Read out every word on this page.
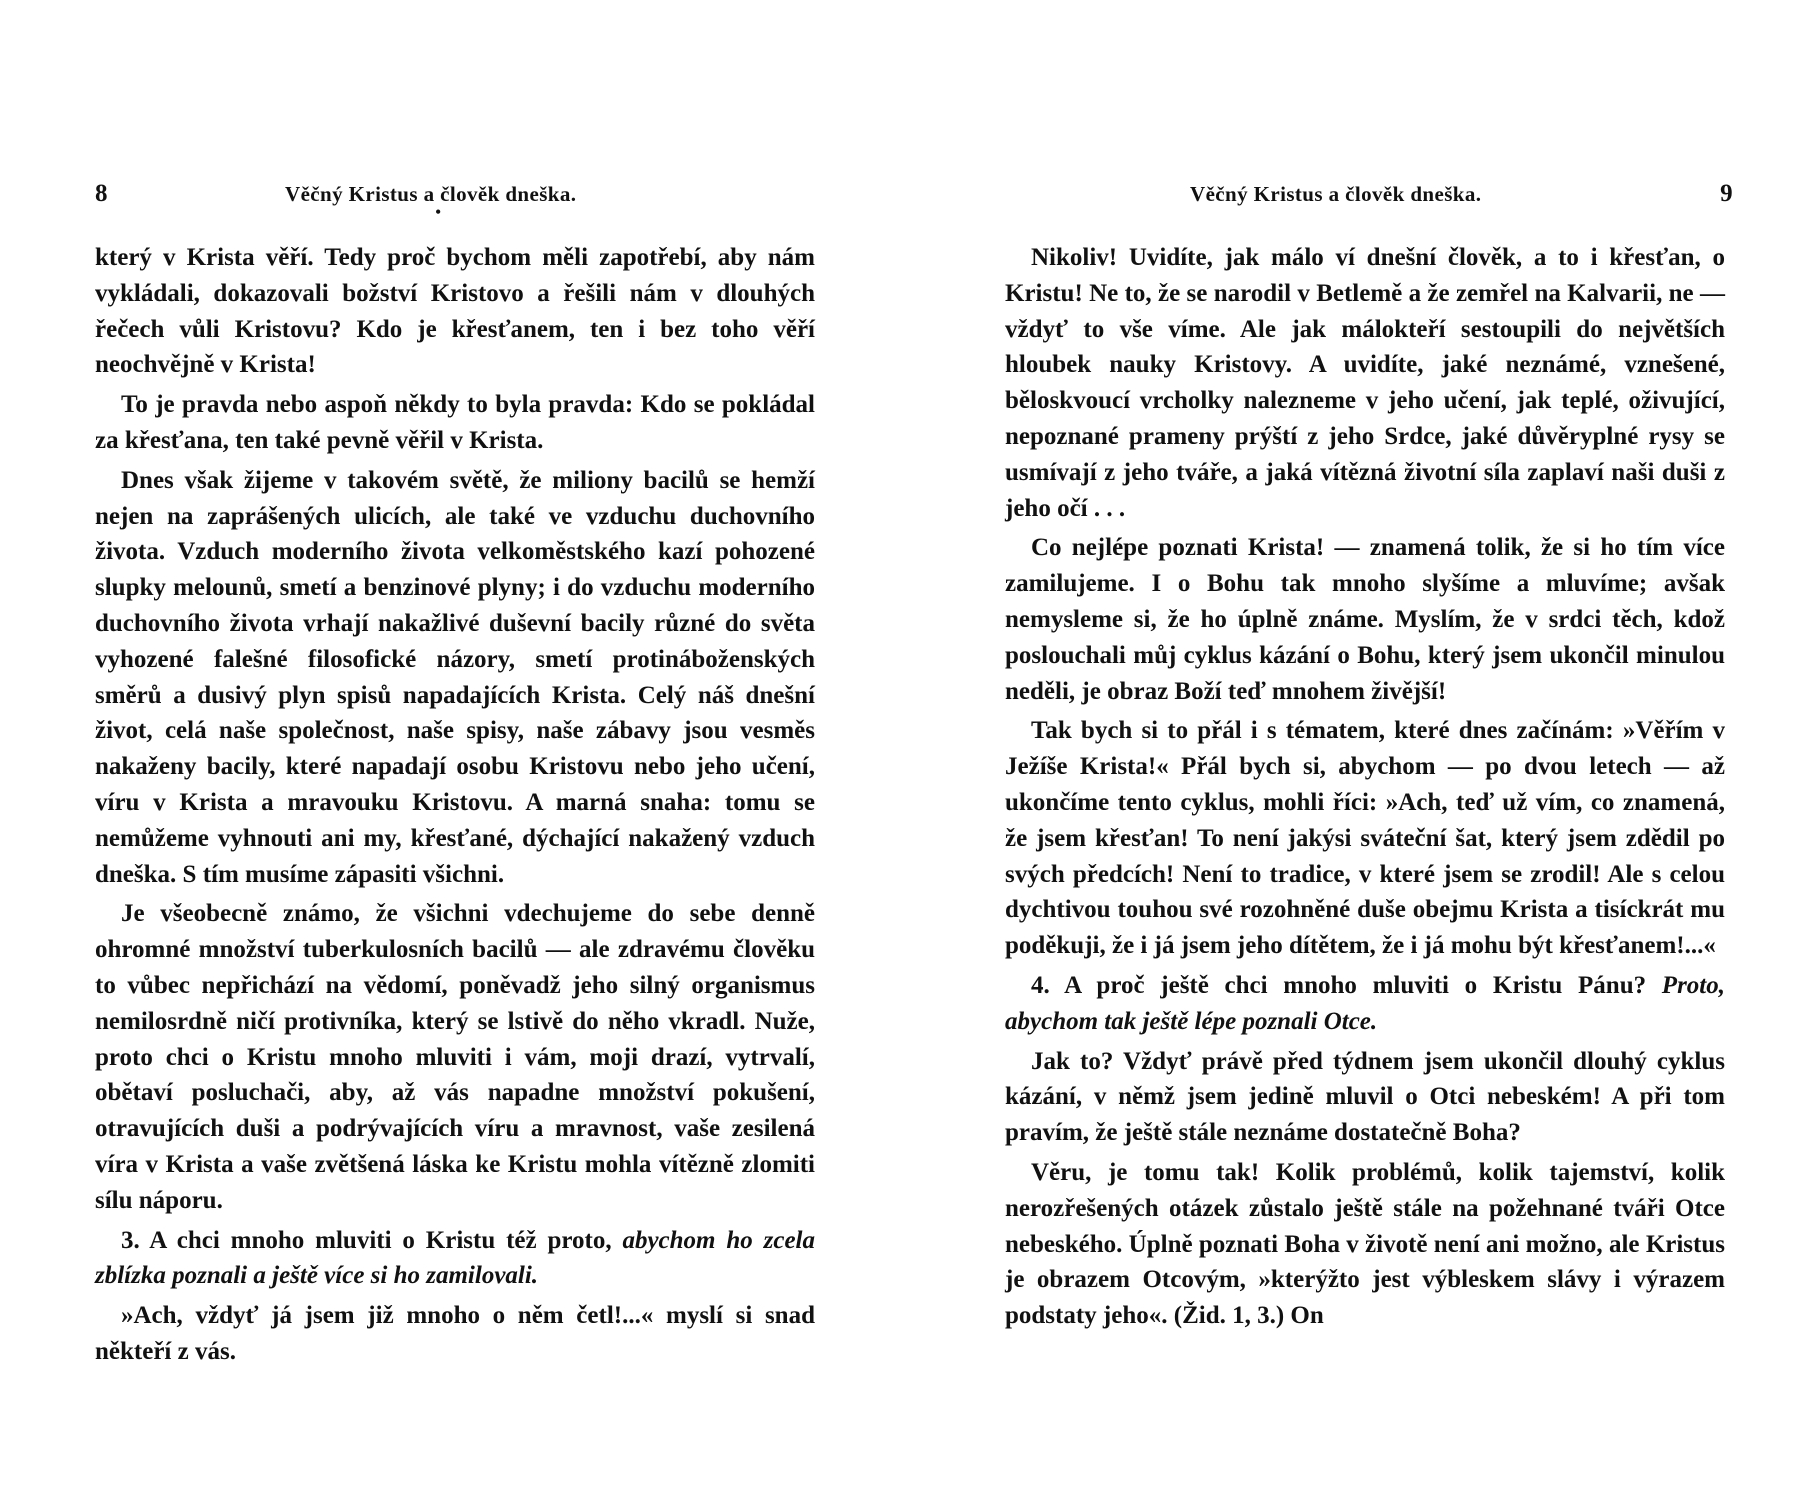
8	Věčný Kristus a člověk dneška.
•

který v Krista věří. Tedy proč bychom měli zapotřebí, aby nám vykládali, dokazovali božství Kristovo a řešili nám v dlouhých řečech vůli Kristovu? Kdo je křesťanem, ten i bez toho věří neochvějně v Krista!

To je pravda nebo aspoň někdy to byla pravda: Kdo se pokládal za křesťana, ten také pevně věřil v Krista.

Dnes však žijeme v takovém světě, že miliony bacilů se hemží nejen na zaprášených ulicích, ale také ve vzduchu duchovního života. Vzduch moderního života velkoměstského kazí pohozené slupky melounů, smetí a benzinové plyny; i do vzduchu moderního duchovního života vrhají nakažlivé duševní bacily různé do světa vyhozené falešné filosofické názory, smetí protináboženských směrů a dusivý plyn spisů napadajících Krista. Celý náš dnešní život, celá naše společnost, naše spisy, naše zábavy jsou vesměs nakaženy bacily, které napadají osobu Kristovu nebo jeho učení, víru v Krista a mravouku Kristovu. A marná snaha: tomu se nemůžeme vyhnouti ani my, křesťané, dýchající nakažený vzduch dneška. S tím musíme zápasiti všichni.

Je všeobecně známo, že všichni vdechujeme do sebe denně ohromné množství tuberkulosních bacilů — ale zdravému člověku to vůbec nepřichází na vědomí, poněvadž jeho silný organismus nemilosrdně ničí protivníka, který se lstivě do něho vkradl. Nuže, proto chci o Kristu mnoho mluviti i vám, moji drazí, vytrvalí, obětaví posluchači, aby, až vás napadne množství pokušení, otravujících duši a podrývajících víru a mravnost, vaše zesilená víra v Krista a vaše zvětšená láska ke Kristu mohla vítězně zlomiti sílu náporu.

3. A chci mnoho mluviti o Kristu též proto, abychom ho zcela zblízka poznali a ještě více si ho zamilovali.

»Ach, vždyť já jsem již mnoho o něm četl!...« myslí si snad někteří z vás.

Věčný Kristus a člověk dneška.	9

Nikoliv! Uvidíte, jak málo ví dnešní člověk, a to i křesťan, o Kristu! Ne to, že se narodil v Betlemě a že zemřel na Kalvarii, ne — vždyť to vše víme. Ale jak málokteří sestoupili do největších hloubek nauky Kristovy. A uvidíte, jaké neznámé, vznešené, běloskvoucí vrcholky nalezneme v jeho učení, jak teplé, oživující, nepoznané prameny prýští z jeho Srdce, jaké důvěryplné rysy se usmívají z jeho tváře, a jaká vítězná životní síla zaplaví naši duši z jeho očí . . .

Co nejlépe poznati Krista! — znamená tolik, že si ho tím více zamilujeme. I o Bohu tak mnoho slyšíme a mluvíme; avšak nemysleme si, že ho úplně známe. Myslím, že v srdci těch, kdož poslouchali můj cyklus kázání o Bohu, který jsem ukončil minulou neděli, je obraz Boží teď mnohem živější!

Tak bych si to přál i s tématem, které dnes začínám: »Věřím v Ježíše Krista!« Přál bych si, abychom — po dvou letech — až ukončíme tento cyklus, mohli říci: »Ach, teď už vím, co znamená, že jsem křesťan! To není jakýsi sváteční šat, který jsem zdědil po svých předcích! Není to tradice, v které jsem se zrodil! Ale s celou dychtivou touhou své rozohněné duše obejmu Krista a tisíckrát mu poděkuji, že i já jsem jeho dítětem, že i já mohu být křesťanem!...«

4. A proč ještě chci mnoho mluviti o Kristu Pánu? Proto, abychom tak ještě lépe poznali Otce.

Jak to? Vždyť právě před týdnem jsem ukončil dlouhý cyklus kázání, v němž jsem jedině mluvil o Otci nebeském! A při tom pravím, že ještě stále neznáme dostatečně Boha?

Věru, je tomu tak! Kolik problémů, kolik tajemství, kolik nerozřešených otázek zůstalo ještě stále na požehnané tváři Otce nebeského. Úplně poznati Boha v životě není ani možno, ale Kristus je obrazem Otcovým, »kterýžto jest výbleskem slávy i výrazem podstaty jeho«. (Žid. 1, 3.) On
